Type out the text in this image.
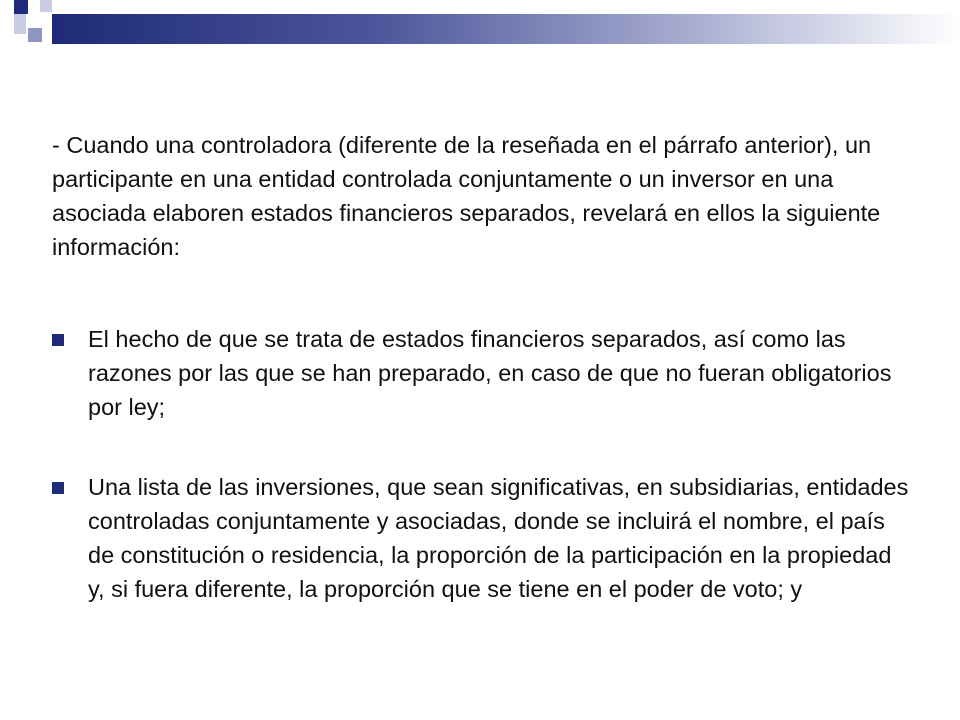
- Cuando una controladora (diferente de la reseñada en el párrafo anterior), un participante en una entidad controlada conjuntamente o un inversor en una asociada elaboren estados financieros separados, revelará en ellos la siguiente información:

El hecho de que se trata de estados financieros separados, así como las razones por las que se han preparado, en caso de que no fueran obligatorios por ley;
Una lista de las inversiones, que sean significativas, en subsidiarias, entidades controladas conjuntamente y asociadas, donde se incluirá el nombre, el país de constitución o residencia, la proporción de la participación en la propiedad y, si fuera diferente, la proporción que se tiene en el poder de voto; y
